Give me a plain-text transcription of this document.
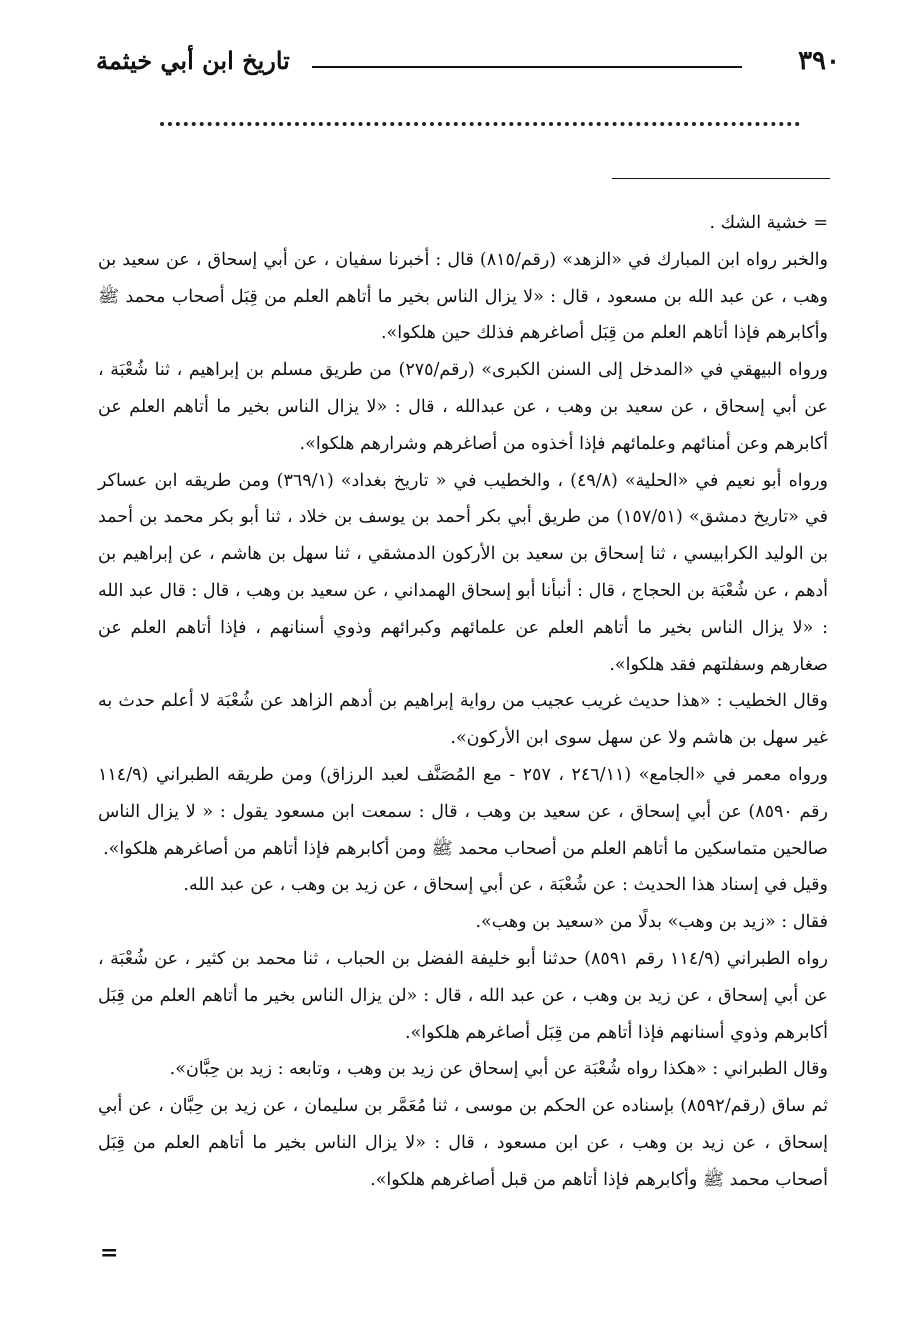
٣٩٠
تاريخ ابن أبي خيثمة

= خشية الشك .

والخبر رواه ابن المبارك في «الزهد» (رقم/٨١٥) قال : أخبرنا سفيان ، عن أبي إسحاق ، عن سعيد بن وهب ، عن عبد الله بن مسعود ، قال : «لا يزال الناس بخير ما أتاهم العلم من قِبَل أصحاب محمد ﷺ وأكابرهم فإذا أتاهم العلم من قِبَل أصاغرهم فذلك حين هلكوا».

ورواه البيهقي في «المدخل إلى السنن الكبرى» (رقم/٢٧٥) من طريق مسلم بن إبراهيم ، ثنا شُعْبَة ، عن أبي إسحاق ، عن سعيد بن وهب ، عن عبدالله ، قال : «لا يزال الناس بخير ما أتاهم العلم عن أكابرهم وعن أمنائهم وعلمائهم فإذا أخذوه من أصاغرهم وشرارهم هلكوا».

ورواه أبو نعيم في «الحلية» (٤٩/٨) ، والخطيب في « تاريخ بغداد» (٣٦٩/١) ومن طريقه ابن عساكر في «تاريخ دمشق» (١٥٧/٥١) من طريق أبي بكر أحمد بن يوسف بن خلاد ، ثنا أبو بكر محمد بن أحمد بن الوليد الكرابيسي ، ثنا إسحاق بن سعيد بن الأركون الدمشقي ، ثنا سهل بن هاشم ، عن إبراهيم بن أدهم ، عن شُعْبَة بن الحجاج ، قال : أنبأنا أبو إسحاق الهمداني ، عن سعيد بن وهب ، قال : قال عبد الله : «لا يزال الناس بخير ما أتاهم العلم عن علمائهم وكبرائهم وذوي أسنانهم ، فإذا أتاهم العلم عن صغارهم وسفلتهم فقد هلكوا».

وقال الخطيب : «هذا حديث غريب عجيب من رواية إبراهيم بن أدهم الزاهد عن شُعْبَة لا أعلم حدث به غير سهل بن هاشم ولا عن سهل سوى ابن الأركون».

ورواه معمر في «الجامع» (٢٤٦/١١ ، ٢٥٧ - مع المُصَنَّف لعبد الرزاق) ومن طريقه الطبراني (١١٤/٩ رقم ٨٥٩٠) عن أبي إسحاق ، عن سعيد بن وهب ، قال : سمعت ابن مسعود يقول : « لا يزال الناس صالحين متماسكين ما أتاهم العلم من أصحاب محمد ﷺ ومن أكابرهم فإذا أتاهم من أصاغرهم هلكوا».

وقيل في إسناد هذا الحديث : عن شُعْبَة ، عن أبي إسحاق ، عن زيد بن وهب ، عن عبد الله.

فقال : «زيد بن وهب» بدلًا من «سعيد بن وهب».

رواه الطبراني (١١٤/٩ رقم ٨٥٩١) حدثنا أبو خليفة الفضل بن الحباب ، ثنا محمد بن كثير ، عن شُعْبَة ، عن أبي إسحاق ، عن زيد بن وهب ، عن عبد الله ، قال : «لن يزال الناس بخير ما أتاهم العلم من قِبَل أكابرهم وذوي أسنانهم فإذا أتاهم من قِبَل أصاغرهم هلكوا».

وقال الطبراني : «هكذا رواه شُعْبَة عن أبي إسحاق عن زيد بن وهب ، وتابعه : زيد بن حِبَّان».

ثم ساق (رقم/٨٥٩٢) بإسناده عن الحكم بن موسى ، ثنا مُعَمَّر بن سليمان ، عن زيد بن حِبَّان ، عن أبي إسحاق ، عن زيد بن وهب ، عن ابن مسعود ، قال : «لا يزال الناس بخير ما أتاهم العلم من قِبَل أصحاب محمد ﷺ وأكابرهم فإذا أتاهم من قبل أصاغرهم هلكوا».

=
